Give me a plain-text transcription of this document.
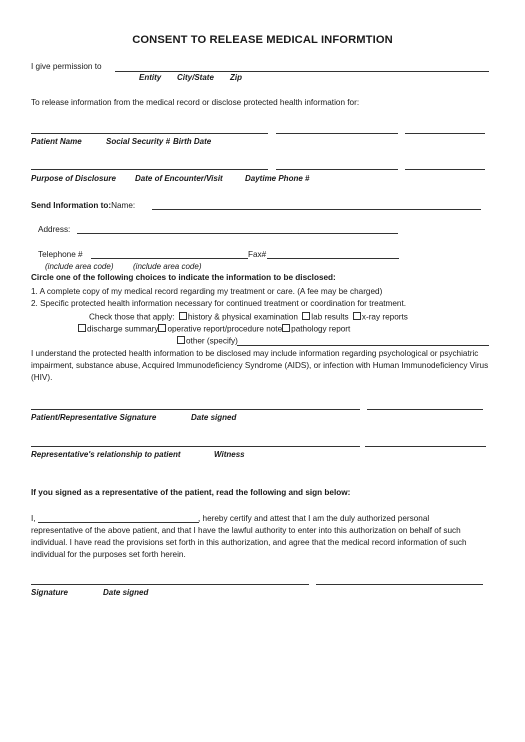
CONSENT TO RELEASE MEDICAL INFORMTION
I give permission to
Entity City/State Zip
To release information from the medical record or disclose protected health information for:
Patient Name	Social Security # Birth Date
Purpose of Disclosure Date of Encounter/Visit	Daytime Phone #
Send Information to:Name:
Address:
Telephone #	Fax#
(include area code) (include area code)
Circle one of the following choices to indicate the information to be disclosed:
1. A complete copy of my medical record regarding my treatment or care. (A fee may be charged)
2. Specific protected health information necessary for continued treatment or coordination for treatment.
Check those that apply: history & physical examination lab results x-ray reports
discharge summary operative report/procedure note pathology report
other (specify)
I understand the protected health information to be disclosed may include information regarding psychological or psychiatric impairment, substance abuse, Acquired Immunodeficiency Syndrome (AIDS), or infection with Human Immunodeficiency Virus (HIV).
Patient/Representative Signature	Date signed
Representative's relationship to patient	Witness
If you signed as a representative of the patient, read the following and sign below:
I,	, hereby certify and attest that I am the duly authorized personal
representative of the above patient, and that I have the lawful authority to enter into this authorization on behalf of such individual. I have read the provisions set forth in this authorization, and agree that the medical record information of such individual for the purposes set forth herein.
Signature	Date signed
